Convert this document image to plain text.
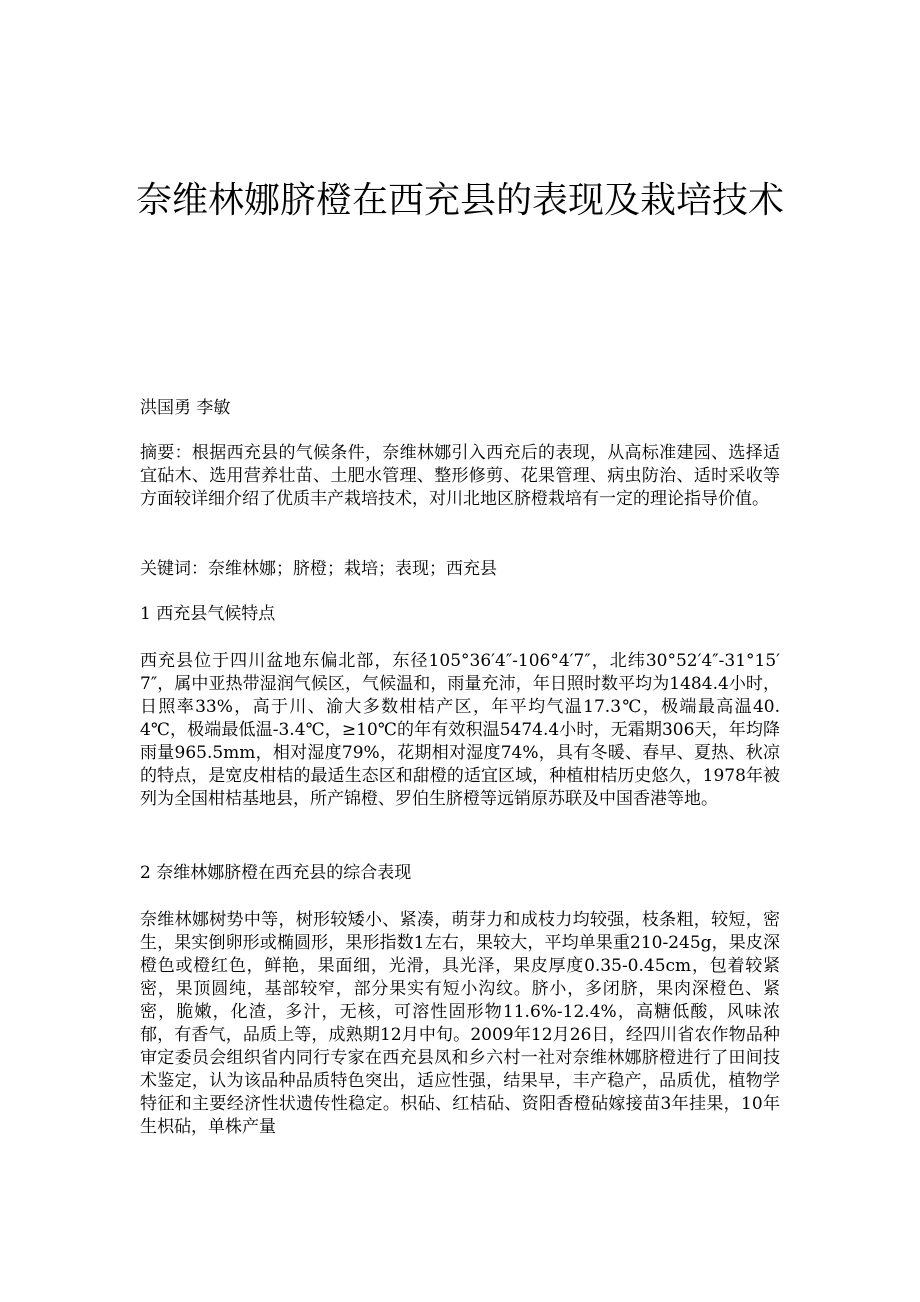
奈维林娜脐橙在西充县的表现及栽培技术

洪国勇 李敏

摘要：根据西充县的气候条件，奈维林娜引入西充后的表现，从高标准建园、选择适宜砧木、选用营养壮苗、土肥水管理、整形修剪、花果管理、病虫防治、适时采收等方面较详细介绍了优质丰产栽培技术，对川北地区脐橙栽培有一定的理论指导价值。

关键词：奈维林娜；脐橙；栽培；表现；西充县

1 西充县气候特点

西充县位于四川盆地东偏北部，东径105°36′4″-106°4′7″，北纬30°52′4″-31°15′7″，属中亚热带湿润气候区，气候温和，雨量充沛，年日照时数平均为1484.4小时，日照率33%，高于川、渝大多数柑桔产区，年平均气温17.3℃，极端最高温40.4℃，极端最低温-3.4℃，≥10℃的年有效积温5474.4小时，无霜期306天，年均降雨量965.5mm，相对湿度79%，花期相对湿度74%，具有冬暖、春早、夏热、秋凉的特点，是宽皮柑桔的最适生态区和甜橙的适宜区域，种植柑桔历史悠久，1978年被列为全国柑桔基地县，所产锦橙、罗伯生脐橙等远销原苏联及中国香港等地。

2 奈维林娜脐橙在西充县的综合表现

奈维林娜树势中等，树形较矮小、紧凑，萌芽力和成枝力均较强，枝条粗，较短，密生，果实倒卵形或椭圆形，果形指数1左右，果较大，平均单果重210-245g，果皮深橙色或橙红色，鲜艳，果面细，光滑，具光泽，果皮厚度0.35-0.45cm，包着较紧密，果顶圆纯，基部较窄，部分果实有短小沟纹。脐小，多闭脐，果肉深橙色、紧密，脆嫩，化渣，多汁，无核，可溶性固形物11.6%-12.4%，高糖低酸，风味浓郁，有香气，品质上等，成熟期12月中旬。2009年12月26日，经四川省农作物品种审定委员会组织省内同行专家在西充县凤和乡六村一社对奈维林娜脐橙进行了田间技术鉴定，认为该品种品质特色突出，适应性强，结果早，丰产稳产，品质优，植物学特征和主要经济性状遗传性稳定。枳砧、红桔砧、资阳香橙砧嫁接苗3年挂果，10年生枳砧，单株产量
